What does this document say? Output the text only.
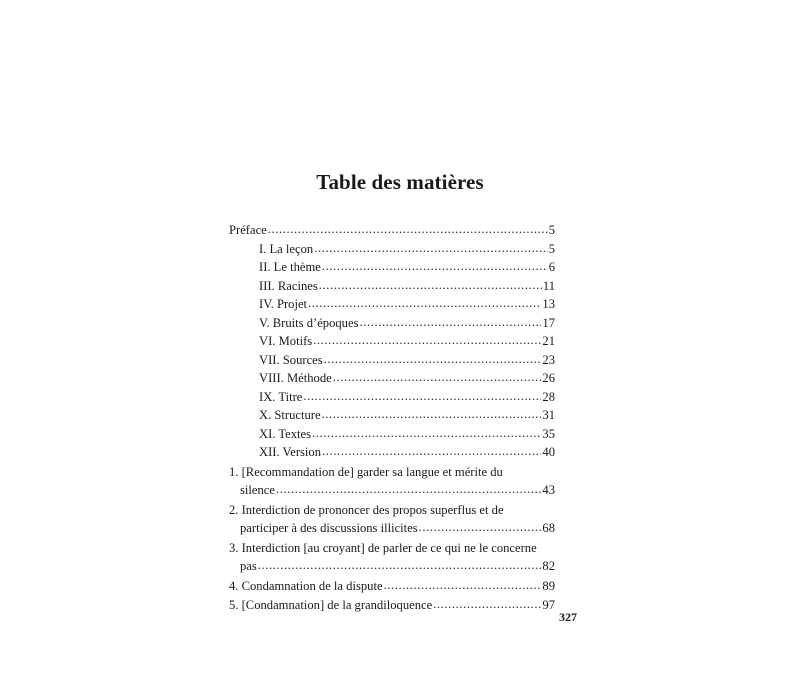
Table des matières
Préface .....	5
I. La leçon .....	5
II. Le thème .....	6
III. Racines .....	11
IV. Projet .....	13
V. Bruits d’époques .....	17
VI. Motifs .....	21
VII. Sources .....	23
VIII. Méthode .....	26
IX. Titre .....	28
X. Structure .....	31
XI. Textes .....	35
XII. Version .....	40
1. [Recommandation de] garder sa langue et mérite du
silence .....	43
2. Interdiction de prononcer des propos superflus et de
participer à des discussions illicites .....	68
3. Interdiction [au croyant] de parler de ce qui ne le concerne
pas .....	82
4. Condamnation de la dispute .....	89
5. [Condamnation] de la grandiloquence .....	97
327
